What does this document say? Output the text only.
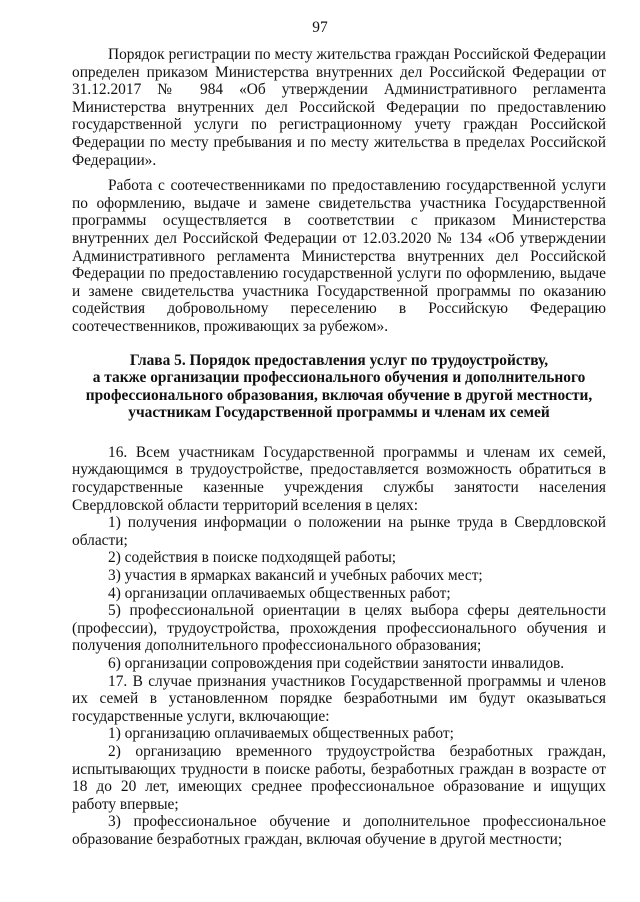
97

Порядок регистрации по месту жительства граждан Российской Федерации определен приказом Министерства внутренних дел Российской Федерации от 31.12.2017 № 984 «Об утверждении Административного регламента Министерства внутренних дел Российской Федерации по предоставлению государственной услуги по регистрационному учету граждан Российской Федерации по месту пребывания и по месту жительства в пределах Российской Федерации».

Работа с соотечественниками по предоставлению государственной услуги по оформлению, выдаче и замене свидетельства участника Государственной программы осуществляется в соответствии с приказом Министерства внутренних дел Российской Федерации от 12.03.2020 № 134 «Об утверждении Административного регламента Министерства внутренних дел Российской Федерации по предоставлению государственной услуги по оформлению, выдаче и замене свидетельства участника Государственной программы по оказанию содействия добровольному переселению в Российскую Федерацию соотечественников, проживающих за рубежом».

Глава 5. Порядок предоставления услуг по трудоустройству,
а также организации профессионального обучения и дополнительного
профессионального образования, включая обучение в другой местности,
участникам Государственной программы и членам их семей

16. Всем участникам Государственной программы и членам их семей, нуждающимся в трудоустройстве, предоставляется возможность обратиться в государственные казенные учреждения службы занятости населения Свердловской области территорий вселения в целях:

1) получения информации о положении на рынке труда в Свердловской области;

2) содействия в поиске подходящей работы;

3) участия в ярмарках вакансий и учебных рабочих мест;

4) организации оплачиваемых общественных работ;

5) профессиональной ориентации в целях выбора сферы деятельности (профессии), трудоустройства, прохождения профессионального обучения и получения дополнительного профессионального образования;

6) организации сопровождения при содействии занятости инвалидов.

17. В случае признания участников Государственной программы и членов их семей в установленном порядке безработными им будут оказываться государственные услуги, включающие:

1) организацию оплачиваемых общественных работ;

2) организацию временного трудоустройства безработных граждан, испытывающих трудности в поиске работы, безработных граждан в возрасте от 18 до 20 лет, имеющих среднее профессиональное образование и ищущих работу впервые;

3) профессиональное обучение и дополнительное профессиональное образование безработных граждан, включая обучение в другой местности;
